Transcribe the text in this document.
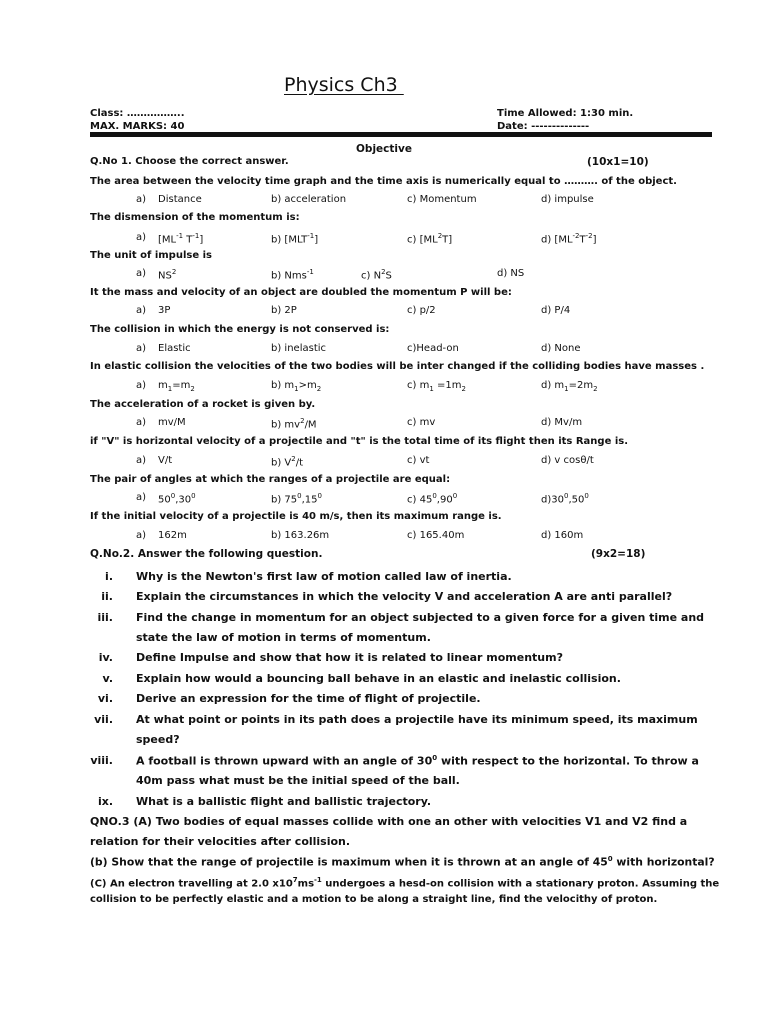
Physics Ch3
Class: ……………..
MAX. MARKS: 40
Time Allowed: 1:30 min.
Date: --------------
Objective
Q.No 1. Choose the correct answer.	(10x1=10)
The area between the velocity time graph and the time axis is numerically equal to ………. of the object.
a) Distance	b) acceleration	c) Momentum	d) impulse
The dismension of the momentum is:
a) [$ML^{-1}$ $T^{-1}$]	b) $[MLT^{-1}]$	c) $[ML^2T]$	d) $[ML^{-2}T^{-2}]$
The unit of impulse is
a) $NS^2$	b) Nms$^{-1}$	c) $N^2S$	d) NS
It the mass and velocity of an object are doubled the momentum P will be:
a) 3P	b) 2P	c) p/2	d) P/4
The collision in which the energy is not conserved is:
a) Elastic	b) inelastic	c)Head-on	d) None
In elastic collision the velocities of the two bodies will be inter changed if the colliding bodies have masses .
a) $m_1=m_2$	b) $m_1>m_2$	c) $m_1 =1m_2$	d) $m_1=2m_2$
The acceleration of a rocket is given by.
a) mv/M	b) $mv^2/M$	c) mv	d) Mv/m
if "V" is horizontal velocity of a projectile and "t" is the total time of its flight then its Range is.
a) V/t	b) $V^2/t$	c) vt	d) v cosθ/t
The pair of angles at which the ranges of a projectile are equal:
a) $50^0,30^0$	b) $75^0,15^0$	c) $45^0,90^0$	$d)30^0,50^0$
If the initial velocity of a projectile is 40 m/s, then its maximum range is.
a) 162m	b) 163.26m	c) 165.40m	d) 160m
Q.No.2. Answer the following question.	(9x2=18)
i. Why is the Newton's first law of motion called law of inertia.
ii. Explain the circumstances in which the velocity V and acceleration A are anti parallel?
iii. Find the change in momentum for an object subjected to a given force for a given time and
state the law of motion in terms of momentum.
iv. Define Impulse and show that how it is related to linear momentum?
v. Explain how would a bouncing ball behave in an elastic and inelastic collision.
vi. Derive an expression for the time of flight of projectile.
vii. At what point or points in its path does a projectile have its minimum speed, its maximum
speed?
viii. A football is thrown upward with an angle of $30^0$ with respect to the horizontal. To throw a
40m pass what must be the initial speed of the ball.
ix. What is a ballistic flight and ballistic trajectory.
QNO.3 (A) Two bodies of equal masses collide with one an other with velocities V1 and V2 find a
relation for their velocities after collision.
(b) Show that the range of projectile is maximum when it is thrown at an angle of $45^0$ with horizontal?
(C) An electron travelling at 2.0 $x10^7ms^{-1}$ undergoes a hesd-on collision with a stationary proton. Assuming the
collision to be perfectly elastic and a motion to be along a straight line, find the velocithy of proton.
